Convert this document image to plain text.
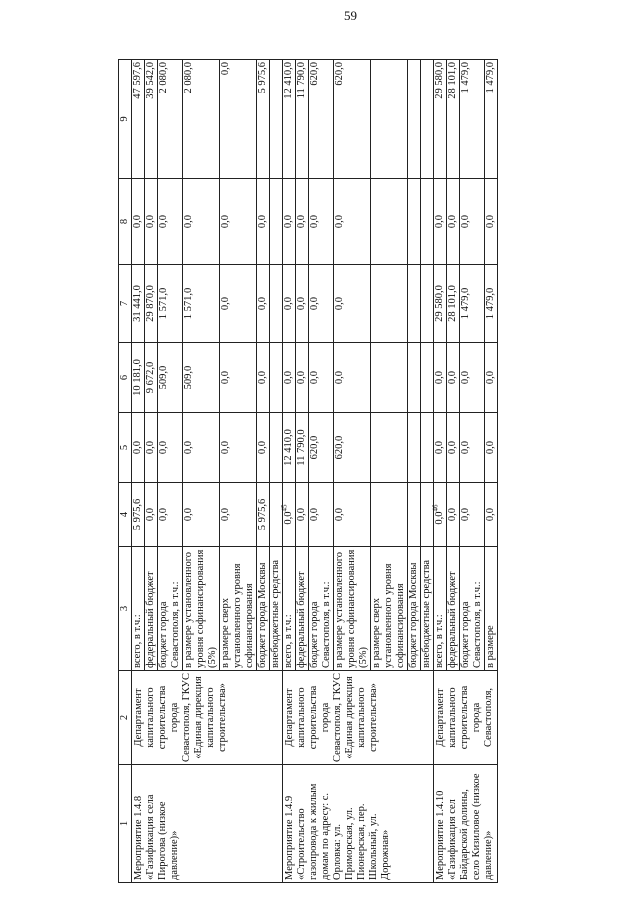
59
1	2	3	4	5	6	7	8	9
Мероприятие 1.4.8 «Газификация села Пирогова (низкое давление)»	Департамент капитального строительства города Севастополя, ГКУС «Единая дирекция капитального строительства»	всего, в т.ч.:	5 975,6	0,0	10 181,0	31 441,0	0,0	47 597,6
		федеральный бюджет	0,0	0,0	9 672,0	29 870,0	0,0	39 542,0
		бюджет города Севастополя, в т.ч.:	0,0	0,0	509,0	1 571,0	0,0	2 080,0
		в размере установленного уровня софинансирования (5%)	0,0	0,0	509,0	1 571,0	0,0	2 080,0
		в размере сверх установленного уровня софинансирования	0,0	0,0	0,0	0,0	0,0	0,0
		бюджет города Москвы	5 975,6	0,0	0,0	0,0	0,0	5 975,6
		внебюджетные средства						
Мероприятие 1.4.9 «Строительство газопровода к жилым домам по адресу: с. Орловка: ул. Приморская, ул. Пионерская, пер. Школьный, ул. Дорожная»	Департамент капитального строительства города Севастополя, ГКУС «Единая дирекция капитального строительства»	всего, в т.ч.:	$0,0^{45}$	12 410,0	0,0	0,0	0,0	12 410,0
		федеральный бюджет	0,0	11 790,0	0,0	0,0	0,0	11 790,0
		бюджет города Севастополя, в т.ч.:	0,0	620,0	0,0	0,0	0,0	620,0
		в размере установленного уровня софинансирования (5%)	0,0	620,0	0,0	0,0	0,0	620,0
		в размере сверх установленного уровня софинансирования						
		бюджет города Москвы						
		внебюджетные средства						
Мероприятие 1.4.10 «Газификация сел Байдарской долины, село Кизиловое (низкое давление)»	Департамент капитального строительства города Севастополя,	всего, в т.ч.:	$0,0^{46}$	0,0	0,0	29 580,0	0,0	29 580,0
		федеральный бюджет	0,0	0,0	0,0	28 101,0	0,0	28 101,0
		бюджет города Севастополя, в т.ч.:	0,0	0,0	0,0	1 479,0	0,0	1 479,0
		в размере	0,0	0,0	0,0	1 479,0	0,0	1 479,0
